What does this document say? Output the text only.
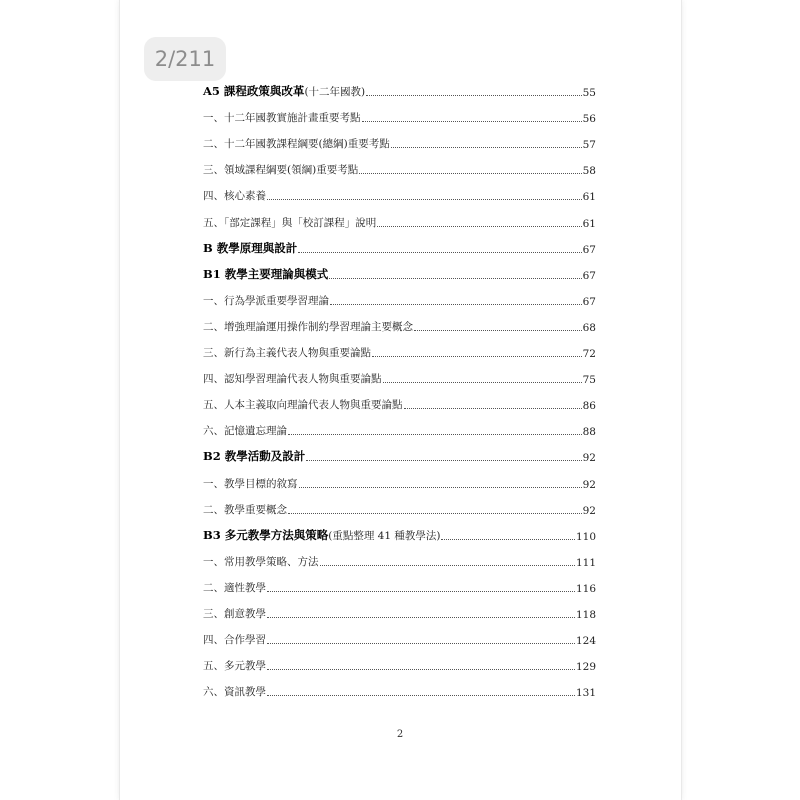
2/211
A5 課程政策與改革(十二年國教)	55
一、十二年國教實施計畫重要考點	56
二、十二年國教課程綱要(總綱)重要考點	57
三、領域課程綱要(領綱)重要考點	58
四、核心素養	61
五、「部定課程」與「校訂課程」說明	61
B 教學原理與設計	67
B1 教學主要理論與模式	67
一、行為學派重要學習理論	67
二、增強理論運用操作制約學習理論主要概念	68
三、新行為主義代表人物與重要論點	72
四、認知學習理論代表人物與重要論點	75
五、人本主義取向理論代表人物與重要論點	86
六、記憶遺忘理論	88
B2 教學活動及設計	92
一、教學目標的敘寫	92
二、教學重要概念	92
B3 多元教學方法與策略(重點整理 41 種教學法)	110
一、常用教學策略、方法	111
二、適性教學	116
三、創意教學	118
四、合作學習	124
五、多元教學	129
六、資訊教學	131
2
